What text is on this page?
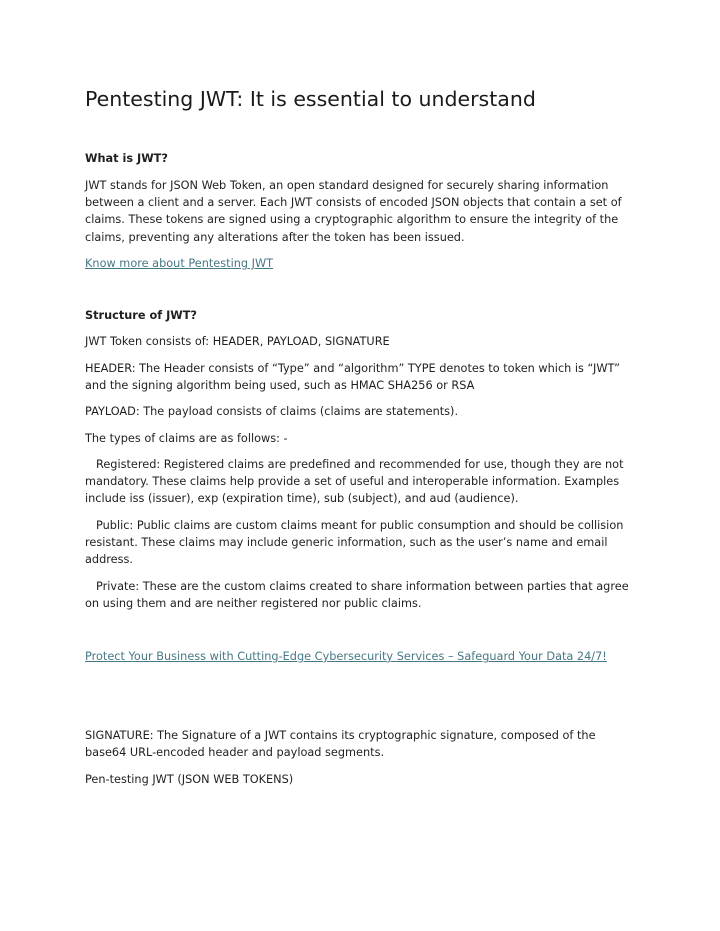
Pentesting JWT: It is essential to understand

What is JWT?

JWT stands for JSON Web Token, an open standard designed for securely sharing information between a client and a server. Each JWT consists of encoded JSON objects that contain a set of claims. These tokens are signed using a cryptographic algorithm to ensure the integrity of the claims, preventing any alterations after the token has been issued.

Know more about Pentesting JWT

Structure of JWT?

JWT Token consists of: HEADER, PAYLOAD, SIGNATURE

HEADER: The Header consists of “Type” and “algorithm” TYPE denotes to token which is “JWT” and the signing algorithm being used, such as HMAC SHA256 or RSA

PAYLOAD: The payload consists of claims (claims are statements).

The types of claims are as follows: -

Registered: Registered claims are predefined and recommended for use, though they are not mandatory. These claims help provide a set of useful and interoperable information. Examples include iss (issuer), exp (expiration time), sub (subject), and aud (audience).

Public: Public claims are custom claims meant for public consumption and should be collision resistant. These claims may include generic information, such as the user’s name and email address.

Private: These are the custom claims created to share information between parties that agree on using them and are neither registered nor public claims.

Protect Your Business with Cutting-Edge Cybersecurity Services – Safeguard Your Data 24/7!

SIGNATURE: The Signature of a JWT contains its cryptographic signature, composed of the base64 URL-encoded header and payload segments.

Pen-testing JWT (JSON WEB TOKENS)
